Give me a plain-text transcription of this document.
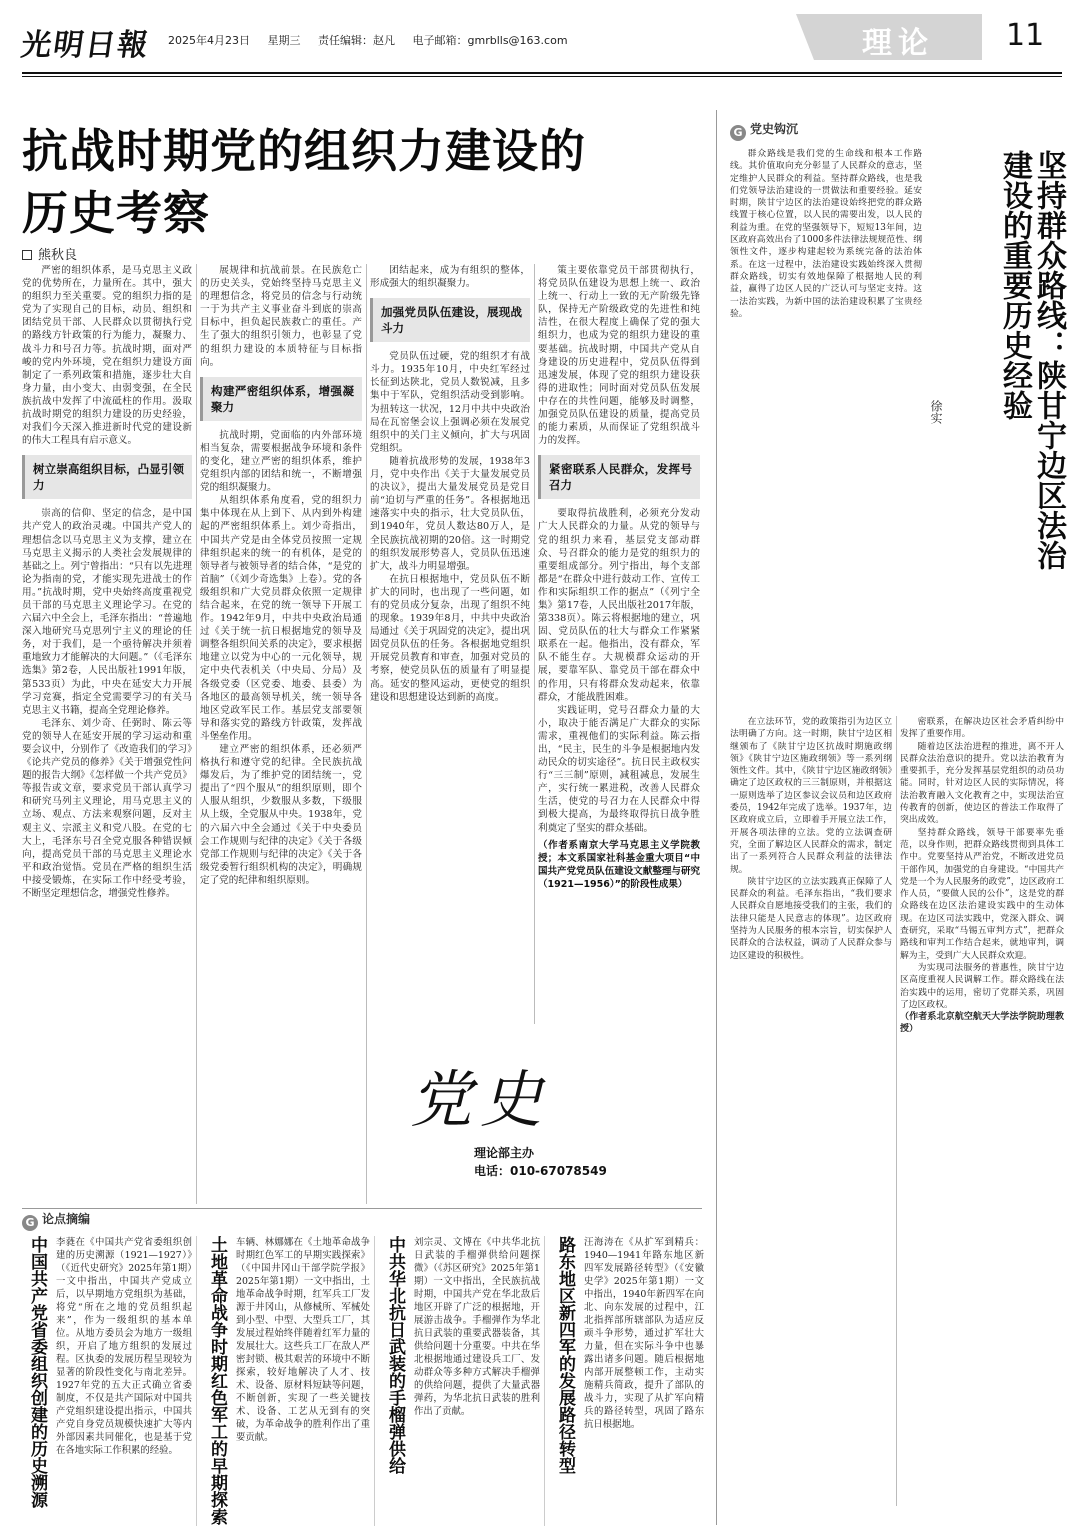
光明日報 2025年4月23日 星期三 责任编辑：赵凡 电子邮箱：gmrblls@163.com	理论	11
抗战时期党的组织力建设的
历史考察
熊秋良

严密的组织体系，是马克思主义政党的优势所在，力量所在。其中，强大的组织力至关重要。党的组织力指的是党为了实现自己的目标，动员、组织和团结党员干部、人民群众以贯彻执行党的路线方针政策的行为能力，凝聚力、战斗力和号召力等。抗战时期，面对严峻的党内外环境，党在组织力建设方面制定了一系列政策和措施，逐步壮大自身力量，由小变大、由弱变强，在全民族抗战中发挥了中流砥柱的作用。汲取抗战时期党的组织力建设的历史经验，对我们今天深入推进新时代党的建设新的伟大工程具有启示意义。

树立崇高组织目标，凸显引领力

崇高的信仰、坚定的信念，是中国共产党人的政治灵魂。中国共产党人的理想信念以马克思主义为支撑，建立在马克思主义揭示的人类社会发展规律的基础之上。列宁曾指出：“只有以先进理论为指南的党，才能实现先进战士的作用。”抗战时期，党中央始终高度重视党员干部的马克思主义理论学习。在党的六届六中全会上，毛泽东指出：“普遍地深入地研究马克思列宁主义的理论的任务，对于我们，是一个亟待解决并须着重地致力才能解决的大问题。”（《毛泽东选集》第2卷，人民出版社1991年版，第533页）为此，中央在延安大力开展学习竞赛，指定全党需要学习的有关马克思主义书籍，提高全党理论修养。

毛泽东、刘少奇、任弼时、陈云等党的领导人在延安开展的学习运动和重要会议中，分别作了《改造我们的学习》《论共产党员的修养》《关于增强党性问题的报告大纲》《怎样做一个共产党员》等报告或文章，要求党员干部认真学习和研究马列主义理论，用马克思主义的立场、观点、方法来观察问题，反对主观主义、宗派主义和党八股。在党的七大上，毛泽东号召全党克服各种错误倾向，提高党员干部的马克思主义理论水平和政治觉悟。党员在严格的组织生活中接受锻炼，在实际工作中经受考验，不断坚定理想信念，增强党性修养。

展规律和抗战前景。在民族危亡的历史关头，党始终坚持马克思主义的理想信念，将党员的信念与行动统一于为共产主义事业奋斗到底的崇高目标中，担负起民族救亡的重任。产生了强大的组织引领力，也彰显了党的组织力建设的本质特征与目标指向。

构建严密组织体系，增强凝聚力

抗战时期，党面临的内外部环境相当复杂，需要根据战争环境和条件的变化，建立严密的组织体系，维护党组织内部的团结和统一，不断增强党的组织凝聚力。

从组织体系角度看，党的组织力集中体现在从上到下、从内到外构建起的严密组织体系上。刘少奇指出，中国共产党是由全体党员按照一定规律组织起来的统一的有机体，是党的领导者与被领导者的结合体，“是党的首脑”（《刘少奇选集》上卷）。党的各级组织和广大党员群众依照一定规律结合起来，在党的统一领导下开展工作。1942年9月，中共中央政治局通过《关于统一抗日根据地党的领导及调整各组织间关系的决定》，要求根据地建立以党为中心的一元化领导，规定中央代表机关（中央局、分局）及各级党委（区党委、地委、县委）为各地区的最高领导机关，统一领导各地区党政军民工作。基层党支部要领导和落实党的路线方针政策，发挥战斗堡垒作用。

建立严密的组织体系，还必须严格执行和遵守党的纪律。全民族抗战爆发后，为了维护党的团结统一，党提出了“四个服从”的组织原则，即个人服从组织，少数服从多数，下级服从上级，全党服从中央。1938年，党的六届六中全会通过《关于中央委员会工作规则与纪律的决定》《关于各级党部工作规则与纪律的决定》《关于各级党委暂行组织机构的决定》，明确规定了党的纪律和组织原则。

团结起来，成为有组织的整体，形成强大的组织凝聚力。

加强党员队伍建设，展现战斗力

党员队伍过硬，党的组织才有战斗力。1935年10月，中央红军经过长征到达陕北，党员人数锐减，且多集中于军队，党组织活动受到影响。为扭转这一状况，12月中共中央政治局在瓦窑堡会议上强调必须在发展党组织中的关门主义倾向，扩大与巩固党组织。

随着抗战形势的发展，1938年3月，党中央作出《关于大量发展党员的决议》，提出大量发展党员是党目前“迫切与严重的任务”。各根据地迅速落实中央的指示，壮大党员队伍，到1940年，党员人数达80万人，是全民族抗战初期的20倍。这一时期党的组织发展形势喜人，党员队伍迅速扩大，战斗力明显增强。

在抗日根据地中，党员队伍不断扩大的同时，也出现了一些问题，如有的党员成分复杂，出现了组织不纯的现象。1939年8月，中共中央政治局通过《关于巩固党的决定》，提出巩固党员队伍的任务。各根据地党组织开展党员教育和审查，加强对党员的考察，使党员队伍的质量有了明显提高。延安的整风运动，更使党的组织建设和思想建设达到新的高度。

策主要依靠党员干部贯彻执行，将党员队伍建设为思想上统一、政治上统一、行动上一致的无产阶级先锋队，保持无产阶级政党的先进性和纯洁性，在很大程度上确保了党的强大组织力，也成为党的组织力建设的重要基础。抗战时期，中国共产党从自身建设的历史进程中，党员队伍得到迅速发展，体现了党的组织力建设获得的进取性；同时面对党员队伍发展中存在的共性问题，能够及时调整，加强党员队伍建设的质量，提高党员的能力素质，从而保证了党组织战斗力的发挥。

紧密联系人民群众，发挥号召力

要取得抗战胜利，必须充分发动广大人民群众的力量。从党的领导与党的组织力来看，基层党支部动群众、号召群众的能力是党的组织力的重要组成部分。列宁指出，每个支部都是“在群众中进行鼓动工作、宣传工作和实际组织工作的据点”（《列宁全集》第17卷，人民出版社2017年版，第338页）。陈云将根据地的建立，巩固、党员队伍的壮大与群众工作紧紧联系在一起。他指出，没有群众，军队不能生存。大规模群众运动的开展，要靠军队、靠党员干部在群众中的作用，只有将群众发动起来，依靠群众，才能战胜困难。

实践证明，党号召群众力量的大小，取决于能否满足广大群众的实际需求，重视他们的实际利益。陈云指出，“民主，民生的斗争是根据地内发动民众的切实途径”。抗日民主政权实行“三三制”原则，减租减息，发展生产，实行统一累进税，改善人民群众生活，使党的号召力在人民群众中得到极大提高，为最终取得抗日战争胜利奠定了坚实的群众基础。

（作者系南京大学马克思主义学院教授；本文系国家社科基金重大项目“中国共产党党员队伍建设文献整理与研究（1921—1956）”的阶段性成果）
党史
理论部主办
电话：010-67078549
G 党史钩沉
坚持群众路线：陕甘宁边区法治建设的重要历史经验
徐实

群众路线是我们党的生命线和根本工作路线。其价值取向充分彰显了人民群众的意志，坚定维护人民群众的利益。坚持群众路线，也是我们党领导法治建设的一贯做法和重要经验。延安时期，陕甘宁边区的法治建设始终把党的群众路线置于核心位置，以人民的需要出发，以人民的利益为重。在党的坚强领导下，短短13年间，边区政府高效出台了1000多件法律法规规范性、纲领性文件，逐步构建起较为系统完备的法治体系。在这一过程中，法治建设实践始终深入贯彻群众路线，切实有效地保障了根据地人民的利益，赢得了边区人民的广泛认可与坚定支持。这一法治实践，为新中国的法治建设积累了宝贵经验。

在立法环节，党的政策指引为边区立法明确了方向。这一时期，陕甘宁边区相继颁布了《陕甘宁边区抗战时期施政纲领》《陕甘宁边区施政纲领》等一系列纲领性文件。其中，《陕甘宁边区施政纲领》确定了边区政权的三三制原则，并根据这一原则选举了边区参议会议员和边区政府委员，1942年完成了选举。1937年，边区政府成立后，立即着手开展立法工作，开展各项法律的立法。党的立法调查研究，全面了解边区人民群众的需求，制定出了一系列符合人民群众利益的法律法规。

陕甘宁边区的立法实践真正保障了人民群众的利益。毛泽东指出，“我们要求人民群众自愿地接受我们的主张，我们的法律只能是人民意志的体现”。边区政府坚持为人民服务的根本宗旨，切实保护人民群众的合法权益，调动了人民群众参与边区建设的积极性。

密联系，在解决边区社会矛盾纠纷中发挥了重要作用。

随着边区法治进程的推进，离不开人民群众法治意识的提升。党以法治教育为重要抓手，充分发挥基层党组织的动员功能。同时，针对边区人民的实际情况，将法治教育融入文化教育之中，实现法治宣传教育的创新，使边区的普法工作取得了突出成效。

坚持群众路线，领导干部要率先垂范，以身作则，把群众路线贯彻到具体工作中。党要坚持从严治党，不断改进党员干部作风，加强党的自身建设。“中国共产党是一个为人民服务的政党”，边区政府工作人员，“要做人民的公仆”，这是党的群众路线在边区法治建设实践中的生动体现。在边区司法实践中，党深入群众、调查研究，采取“马锡五审判方式”，把群众路线和审判工作结合起来，就地审判，调解为主，受到广大人民群众欢迎。

为实现司法服务的普惠性，陕甘宁边区高度重视人民调解工作。群众路线在法治实践中的运用，密切了党群关系，巩固了边区政权。

（作者系北京航空航天大学法学院助理教授）
G 论点摘编
中国共产党省委组织创建的历史溯源 李蕤在《中国共产党省委组织创建的历史溯源（1921—1927）》（《近代史研究》2025年第1期）一文中指出，中国共产党成立后，以早期地方党组织为基础，将党“所在之地的党员组织起来”，作为一级组织的基本单位。从地方委员会为地方一级组织，开启了地方组织的发展过程。区执委的发展历程呈现较为显著的阶段性变化与南北差异。1927年党的五大正式确立省委制度，不仅是共产国际对中国共产党组织建设提出指示，中国共产党自身党员规模快速扩大等内外部因素共同催化，也是基于党在各地实际工作积累的经验。	土地革命战争时期红色军工的早期探索 车辆、林娜娜在《土地革命战争时期红色军工的早期实践探索》（《中国井冈山干部学院学报》2025年第1期）一文中指出，土地革命战争时期，红军兵工厂发源于井冈山，从修械所、军械处到小型、中型、大型兵工厂，其发展过程始终伴随着红军力量的发展壮大。这些兵工厂在敌人严密封锁、极其艰苦的环境中不断探索，较好地解决了人才、技术、设备、原材料短缺等问题，不断创新，实现了一些关键技术、设备、工艺从无到有的突破，为革命战争的胜利作出了重要贡献。	中共华北抗日武装的手榴弹供给 刘宗灵、文博在《中共华北抗日武装的手榴弹供给问题探微》（《苏区研究》2025年第1期）一文中指出，全民族抗战时期，中国共产党在华北敌后地区开辟了广泛的根据地，开展游击战争。手榴弹作为华北抗日武装的重要武器装备，其供给问题十分重要。中共在华北根据地通过建设兵工厂、发动群众等多种方式解决手榴弹的供给问题，提供了大量武器弹药，为华北抗日武装的胜利作出了贡献。	路东地区新四军的发展路径转型 汪海涛在《从扩军到精兵：1940—1941年路东地区新四军发展路径转型》（《安徽史学》2025年第1期）一文中指出，1940年新四军在向北、向东发展的过程中，江北指挥部所辖部队为适应反顽斗争形势，通过扩军壮大力量，但在实际斗争中也暴露出诸多问题。随后根据地内部开展整顿工作，主动实施精兵简政，提升了部队的战斗力，实现了从扩军向精兵的路径转型，巩固了路东抗日根据地。
